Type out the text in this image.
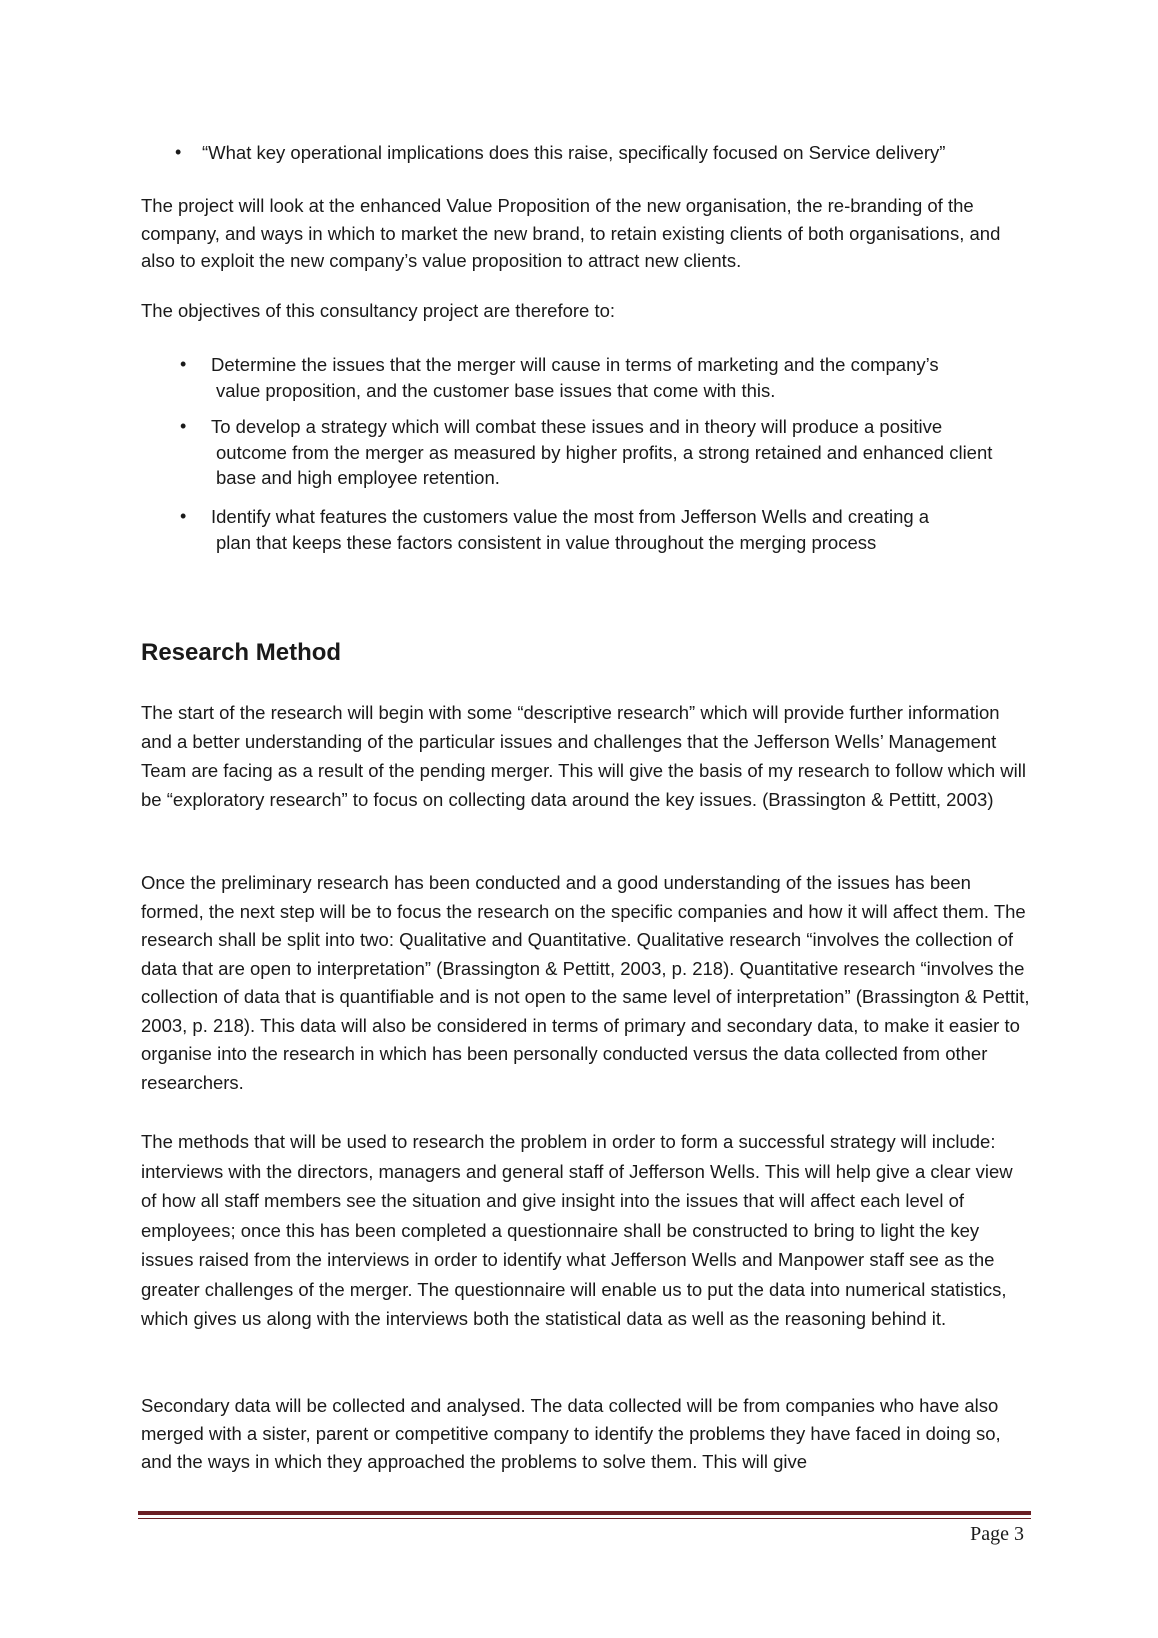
•	“What key operational implications does this raise, specifically focused on Service delivery”

The project will look at the enhanced Value Proposition of the new organisation, the re-branding of the company, and ways in which to market the new brand, to retain existing clients of both organisations, and also to exploit the new company’s value proposition to attract new clients.

The objectives of this consultancy project are therefore to:

•	Determine the issues that the merger will cause in terms of marketing and the company’s
value proposition, and the customer base issues that come with this.
•	To develop a strategy which will combat these issues and in theory will produce a positive
outcome from the merger as measured by higher profits, a strong retained and enhanced client base and high employee retention.
•	Identify what features the customers value the most from Jefferson Wells and creating a
plan that keeps these factors consistent in value throughout the merging process
Research Method

The start of the research will begin with some “descriptive research” which will provide further information and a better understanding of the particular issues and challenges that the Jefferson Wells’ Management Team are facing as a result of the pending merger. This will give the basis of my research to follow which will be “exploratory research” to focus on collecting data around the key issues. (Brassington & Pettitt, 2003)

Once the preliminary research has been conducted and a good understanding of the issues has been formed, the next step will be to focus the research on the specific companies and how it will affect them. The research shall be split into two: Qualitative and Quantitative. Qualitative research “involves the collection of data that are open to interpretation” (Brassington & Pettitt, 2003, p. 218). Quantitative research “involves the collection of data that is quantifiable and is not open to the same level of interpretation” (Brassington & Pettit, 2003, p. 218). This data will also be considered in terms of primary and secondary data, to make it easier to organise into the research in which has been personally conducted versus the data collected from other researchers.

The methods that will be used to research the problem in order to form a successful strategy will include: interviews with the directors, managers and general staff of Jefferson Wells. This will help give a clear view of how all staff members see the situation and give insight into the issues that will affect each level of employees; once this has been completed a questionnaire shall be constructed to bring to light the key issues raised from the interviews in order to identify what Jefferson Wells and Manpower staff see as the greater challenges of the merger. The questionnaire will enable us to put the data into numerical statistics, which gives us along with the interviews both the statistical data as well as the reasoning behind it.

Secondary data will be collected and analysed. The data collected will be from companies who have also merged with a sister, parent or competitive company to identify the problems they have faced in doing so, and the ways in which they approached the problems to solve them. This will give

Page 3
